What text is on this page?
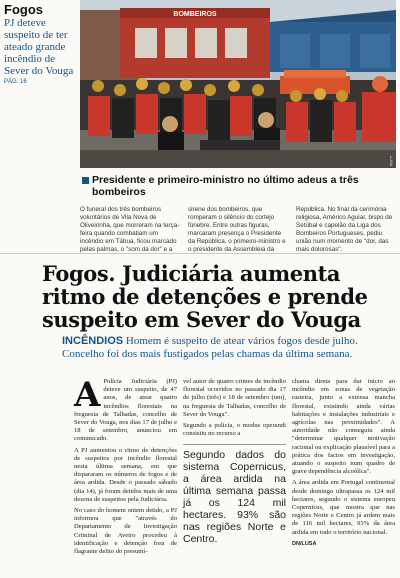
Fogos
PJ deteve suspeito de ter ateado grande incêndio de Sever do Vouga
PÁG. 16
BOMBEIROS
LUSA
Presidente e primeiro-ministro no último adeus a três bombeiros
O funeral dos três bombeiros voluntários de Vila Nova de Oliveirinha, que morreram na terça-feira quando combatiam um incêndio em Tábua, ficou marcado pelas palmas, o "som da dor" e a
sirene dos bombeiros, que romperam o silêncio do cortejo fúnebre. Entre outras figuras, marcaram presença o Presidente da República, o primeiro-ministro e o presidente da Assembleia da
República. No final da cerimónia religiosa, Américo Aguiar, bispo de Setúbal e capelão da Liga dos Bombeiros Portugueses, pediu união num momento de "dor, das mais dolorosas".
Fogos. Judiciária aumenta ritmo de detenções e prende suspeito em Sever do Vouga
INCÊNDIOS Homem é suspeito de atear vários fogos desde julho. Concelho foi dos mais fustigados pelas chamas da última semana.

A Polícia Judiciária (PJ) deteve um suspeito, de 47 anos, de atear quatro incêndios florestais na freguesia de Talhadas, concelho de Sever do Vouga, nos dias 17 de julho e 18 de setembro, anunciou em comunicado.

A PJ aumentou o ritmo de detenções de suspeitos por incêndio florestal nesta última semana, em que dispararam os números de fogos e de área ardida. Desde o passado sábado (dia 14), já foram detidos mais de uma dezena de suspeitos pela Judiciária.

No caso do homem ontem detido, a PJ informou que "através do Departamento de Investigação Criminal de Aveiro procedeu à identificação e detenção fora de flagrante delito do presumí-

vel autor de quatro crimes de incêndio florestal ocorridos no passado dia 17 de julho (três) e 18 de setembro (um), na freguesia de Talhadas, concelho de Sever do Vouga".

Segundo a polícia, o modus operandi consistiu no recurso a

Segundo dados do sistema Copernicus, a área ardida na última semana passa já os 124 mil hectares. 93% são nas regiões Norte e Centro.

chama direta para dar início ao incêndio em zonas de vegetação rasteira, junto a extensa mancha florestal, existindo ainda várias habitações e instalações industriais e agrícolas nas proximidades". A autoridade não conseguiu ainda "determinar qualquer motivação racional ou explicação plausível para a prática dos factos em investigação, atuando o suspeito num quadro de grave dependência alcoólica".

A área ardida em Portugal continental desde domingo ultrapassa os 124 mil hectares, segundo o sistema europeu Copernicus, que mostra que nas regiões Norte e Centro já ardem mais de 116 mil hectares, 93% da área ardida em todo o território nacional.

DN/LUSA
